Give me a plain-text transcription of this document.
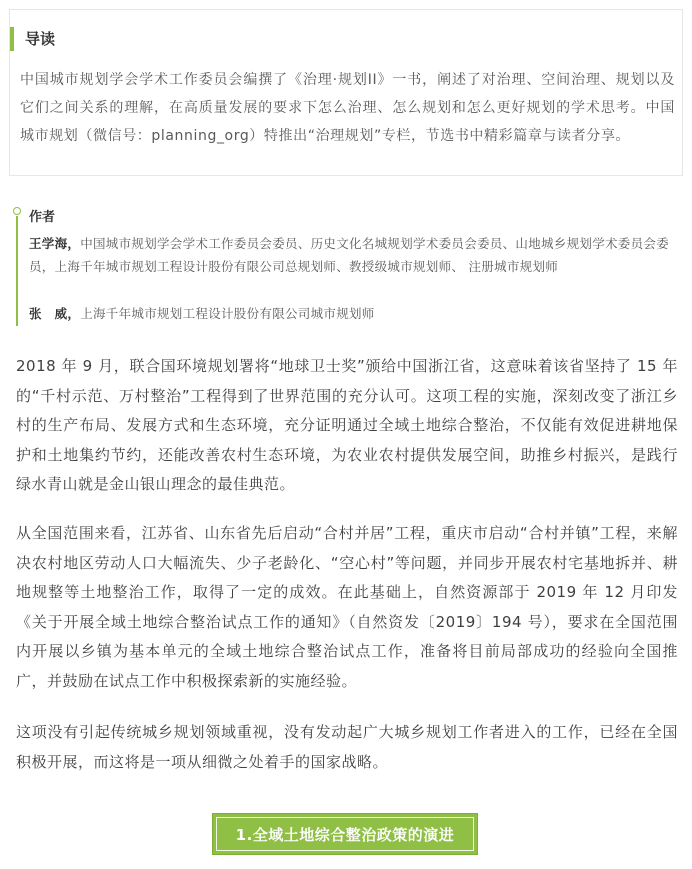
导读
中国城市规划学会学术工作委员会编撰了《治理·规划II》一书，阐述了对治理、空间治理、规划以及它们之间关系的理解，在高质量发展的要求下怎么治理、怎么规划和怎么更好规划的学术思考。中国城市规划（微信号：planning_org）特推出“治理规划”专栏，节选书中精彩篇章与读者分享。
作者
王学海，中国城市规划学会学术工作委员会委员、历史文化名城规划学术委员会委员、山地城乡规划学术委员会委员，上海千年城市规划工程设计股份有限公司总规划师、教授级城市规划师、 注册城市规划师
张　威，上海千年城市规划工程设计股份有限公司城市规划师
2018 年 9 月，联合国环境规划署将“地球卫士奖”颁给中国浙江省，这意味着该省坚持了 15 年的“千村示范、万村整治”工程得到了世界范围的充分认可。这项工程的实施，深刻改变了浙江乡村的生产布局、发展方式和生态环境，充分证明通过全域土地综合整治，不仅能有效促进耕地保护和土地集约节约，还能改善农村生态环境，为农业农村提供发展空间，助推乡村振兴，是践行绿水青山就是金山银山理念的最佳典范。
从全国范围来看，江苏省、山东省先后启动“合村并居”工程，重庆市启动“合村并镇”工程，来解决农村地区劳动人口大幅流失、少子老龄化、“空心村”等问题，并同步开展农村宅基地拆并、耕地规整等土地整治工作，取得了一定的成效。在此基础上，自然资源部于 2019 年 12 月印发《关于开展全域土地综合整治试点工作的通知》（自然资发〔2019〕194 号），要求在全国范围内开展以乡镇为基本单元的全域土地综合整治试点工作，准备将目前局部成功的经验向全国推广，并鼓励在试点工作中积极探索新的实施经验。
这项没有引起传统城乡规划领域重视，没有发动起广大城乡规划工作者进入的工作，已经在全国积极开展，而这将是一项从细微之处着手的国家战略。
1.全域土地综合整治政策的演进
